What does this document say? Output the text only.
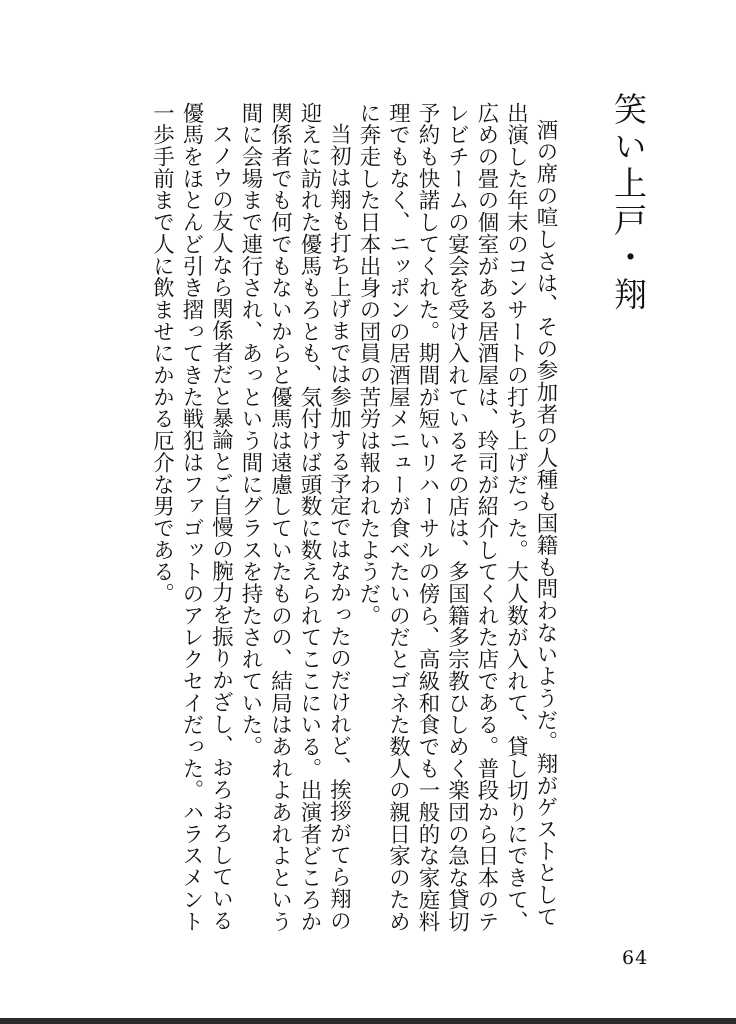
笑い上戸・翔

酒の席の喧しさは、その参加者の人種も国籍も問わないようだ。翔がゲストとして出演した年末のコンサートの打ち上げだった。大人数が入れて、貸し切りにできて、広めの畳の個室がある居酒屋は、玲司が紹介してくれた店である。普段から日本のテレビチームの宴会を受け入れているその店は、多国籍多宗教ひしめく楽団の急な貸切予約も快諾してくれた。期間が短いリハーサルの傍ら、高級和食でも一般的な家庭料理でもなく、ニッポンの居酒屋メニューが食べたいのだとゴネた数人の親日家のために奔走した日本出身の団員の苦労は報われたようだ。

当初は翔も打ち上げまでは参加する予定ではなかったのだけれど、挨拶がてら翔の迎えに訪れた優馬もろとも、気付けば頭数に数えられてここにいる。出演者どころか関係者でも何でもないからと優馬は遠慮していたものの、結局はあれよあれよという間に会場まで連行され、あっという間にグラスを持たされていた。

スノウの友人なら関係者だと暴論とご自慢の腕力を振りかざし、おろおろしている優馬をほとんど引き摺ってきた戦犯はファゴットのアレクセイだった。ハラスメント一歩手前まで人に飲ませにかかる厄介な男である。

64
